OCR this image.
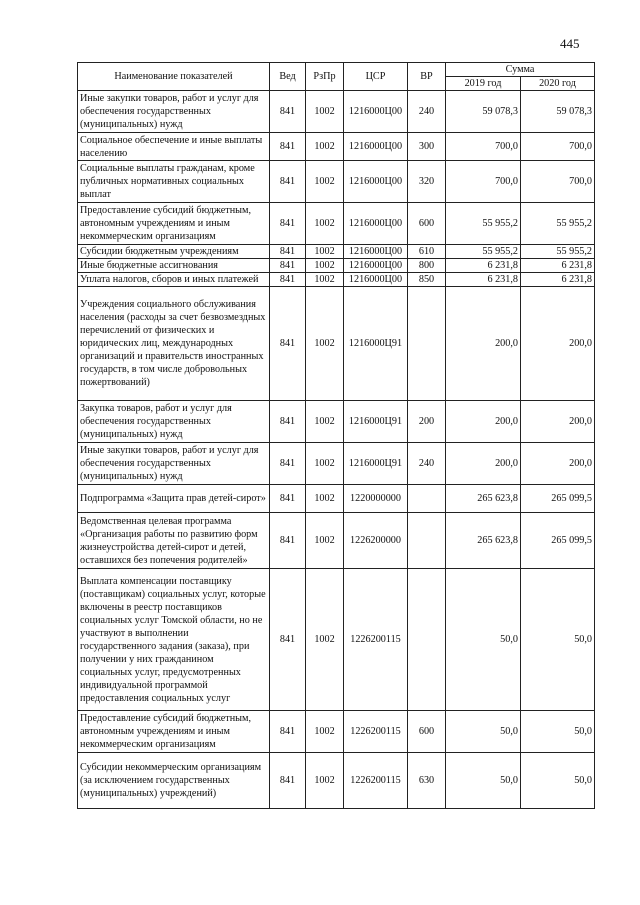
445
Наименование показателей	Вед	РзПр	ЦСР	ВР	Сумма	
					2019 год	2020 год
Иные закупки товаров, работ и услуг для обеспечения государственных (муниципальных) нужд	841	1002	1216000Ц00	240	59 078,3	59 078,3
Социальное обеспечение и иные выплаты населению	841	1002	1216000Ц00	300	700,0	700,0
Социальные выплаты гражданам, кроме публичных нормативных социальных выплат	841	1002	1216000Ц00	320	700,0	700,0
Предоставление субсидий бюджетным, автономным учреждениям и иным некоммерческим организациям	841	1002	1216000Ц00	600	55 955,2	55 955,2
Субсидии бюджетным учреждениям	841	1002	1216000Ц00	610	55 955,2	55 955,2
Иные бюджетные ассигнования	841	1002	1216000Ц00	800	6 231,8	6 231,8
Уплата налогов, сборов и иных платежей	841	1002	1216000Ц00	850	6 231,8	6 231,8
Учреждения социального обслуживания населения (расходы за счет безвозмездных перечислений от физических и юридических лиц, международных организаций и правительств иностранных государств, в том числе добровольных пожертвований)	841	1002	1216000Ц91		200,0	200,0
Закупка товаров, работ и услуг для обеспечения государственных (муниципальных) нужд	841	1002	1216000Ц91	200	200,0	200,0
Иные закупки товаров, работ и услуг для обеспечения государственных (муниципальных) нужд	841	1002	1216000Ц91	240	200,0	200,0
Подпрограмма «Защита прав детей-сирот»	841	1002	1220000000		265 623,8	265 099,5
Ведомственная целевая программа «Организация работы по развитию форм жизнеустройства детей-сирот и детей, оставшихся без попечения родителей»	841	1002	1226200000		265 623,8	265 099,5
Выплата компенсации поставщику (поставщикам) социальных услуг, которые включены в реестр поставщиков социальных услуг Томской области, но не участвуют в выполнении государственного задания (заказа), при получении у них гражданином социальных услуг, предусмотренных индивидуальной программой предоставления социальных услуг	841	1002	1226200115		50,0	50,0
Предоставление субсидий бюджетным, автономным учреждениям и иным некоммерческим организациям	841	1002	1226200115	600	50,0	50,0
Субсидии некоммерческим организациям (за исключением государственных (муниципальных) учреждений)	841	1002	1226200115	630	50,0	50,0
